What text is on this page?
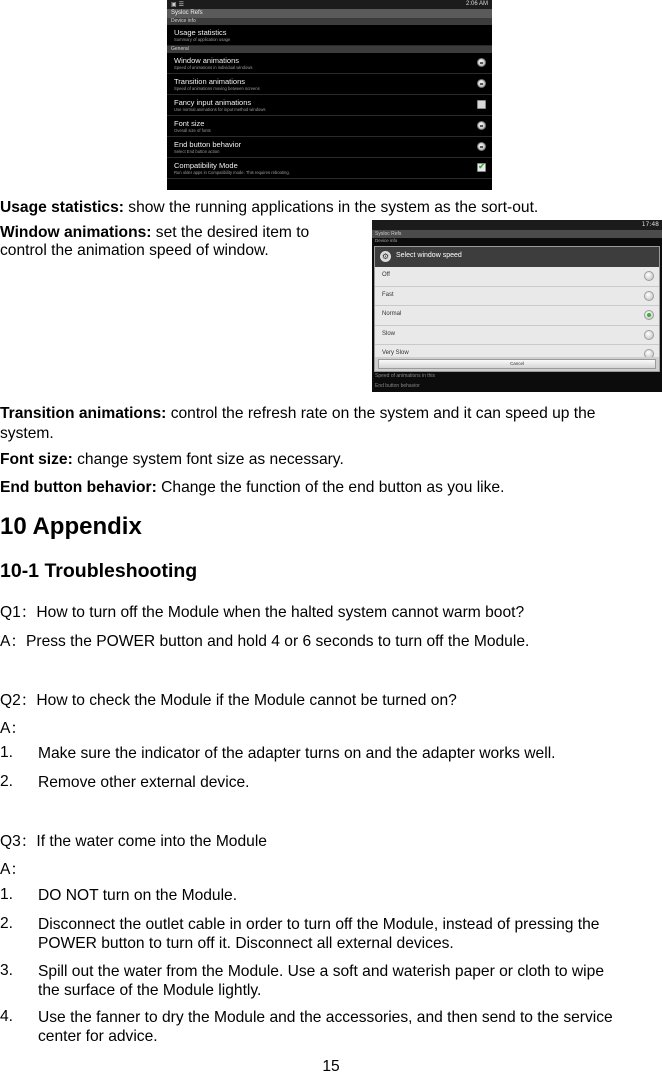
▣ ☰	2:06 AM
Sysloc Refs
Device info
Usage statistics
Summary of application usage
General
Window animations
Speed of animations in individual windows
Transition animations
Speed of animations moving between screens
Fancy input animations
Use normal animations for input method windows
Font size
Overall size of fonts
End button behavior
Select End button action
Compatibility Mode
Run older apps in Compatibility mode. This requires rebooting.
✔
Usage statistics: show the running applications in the system as the sort-out.
Window animations: set the desired item to
control the animation speed of window.
17:48
Sysloc Refs
Device info
⚙ Select window speed
Off
Fast
Normal
Slow
Very Slow
Cancel
Speed of animations in this
End button behavior
Transition animations: control the refresh rate on the system and it can speed up the
system.
Font size: change system font size as necessary.
End button behavior: Change the function of the end button as you like.
10 Appendix
10-1 Troubleshooting
Q1：How to turn off the Module when the halted system cannot warm boot?
A：Press the POWER button and hold 4 or 6 seconds to turn off the Module.
Q2：How to check the Module if the Module cannot be turned on?
A：
1. Make sure the indicator of the adapter turns on and the adapter works well.
2. Remove other external device.
Q3：If the water come into the Module
A：
1. DO NOT turn on the Module.
2. Disconnect the outlet cable in order to turn off the Module, instead of pressing the
POWER button to turn off it. Disconnect all external devices.
3. Spill out the water from the Module. Use a soft and waterish paper or cloth to wipe
the surface of the Module lightly.
4. Use the fanner to dry the Module and the accessories, and then send to the service
center for advice.
15
